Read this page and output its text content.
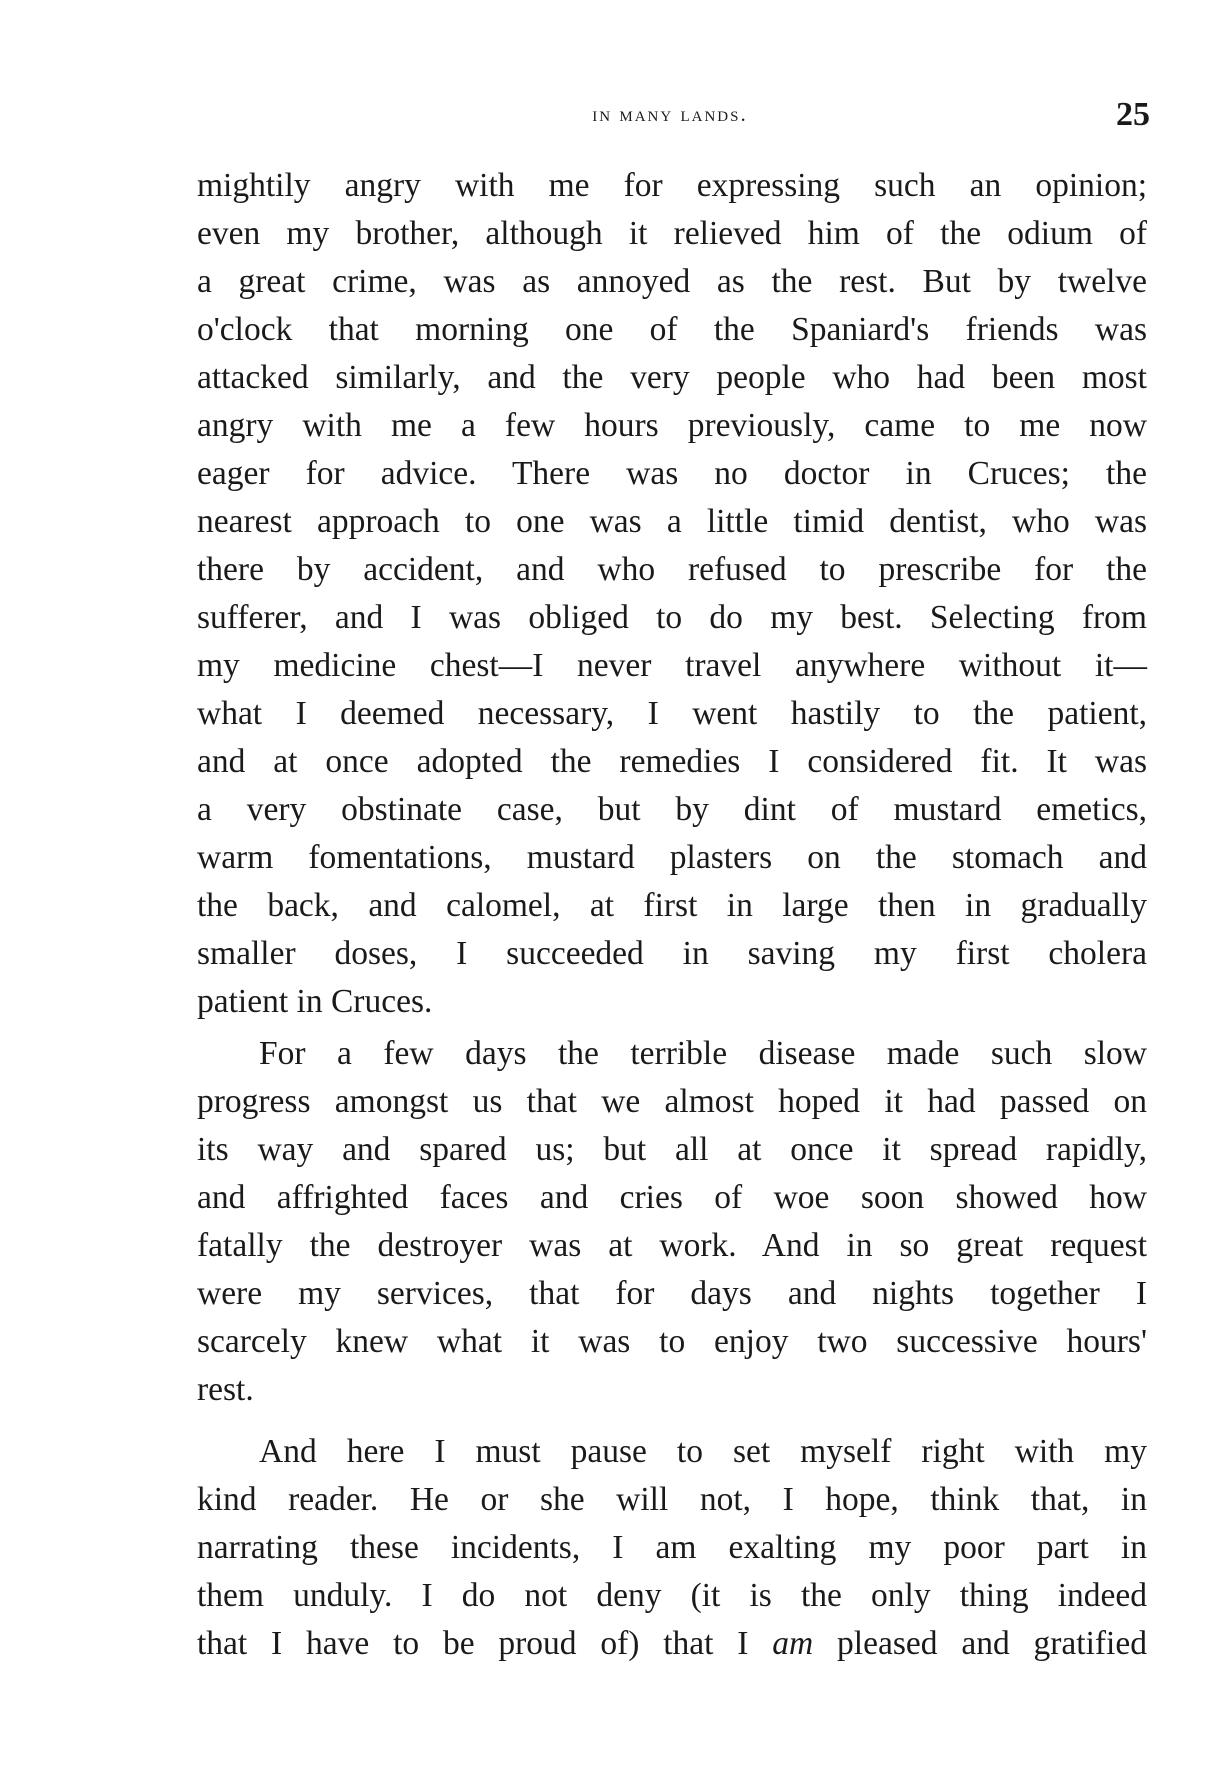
in many lands.	25
mightily angry with me for expressing such an opinion;
even my brother, although it relieved him of the odium of
a great crime, was as annoyed as the rest. But by twelve
o'clock that morning one of the Spaniard's friends was
attacked similarly, and the very people who had been most
angry with me a few hours previously, came to me now
eager for advice. There was no doctor in Cruces; the
nearest approach to one was a little timid dentist, who was
there by accident, and who refused to prescribe for the
sufferer, and I was obliged to do my best. Selecting from
my medicine chest—I never travel anywhere without it—
what I deemed necessary, I went hastily to the patient,
and at once adopted the remedies I considered fit. It was
a very obstinate case, but by dint of mustard emetics,
warm fomentations, mustard plasters on the stomach and
the back, and calomel, at first in large then in gradually
smaller doses, I succeeded in saving my first cholera
patient in Cruces.
For a few days the terrible disease made such slow
progress amongst us that we almost hoped it had passed on
its way and spared us; but all at once it spread rapidly,
and affrighted faces and cries of woe soon showed how
fatally the destroyer was at work. And in so great request
were my services, that for days and nights together I
scarcely knew what it was to enjoy two successive hours'
rest.
And here I must pause to set myself right with my
kind reader. He or she will not, I hope, think that, in
narrating these incidents, I am exalting my poor part in
them unduly. I do not deny (it is the only thing indeed
that I have to be proud of) that I am pleased and gratified
